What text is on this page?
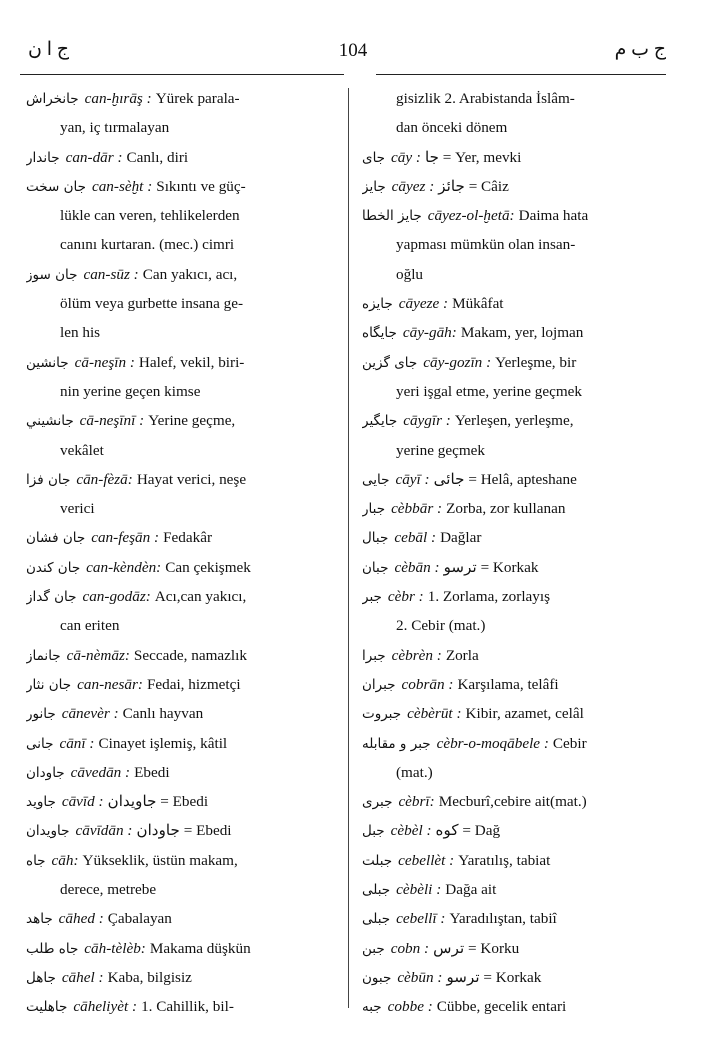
ج ا ن	104	ج ب م
جانخراش can-ḫırāş : Yürek parala-
yan, iç tırmalayan
جاندار can-dār : Canlı, diri
جان سخت can-sèḫt : Sıkıntı ve güç-
lükle can veren, tehlikelerden
canını kurtaran. (mec.) cimri
جان سوز can-sūz : Can yakıcı, acı,
ölüm veya gurbette insana ge-
len his
جانشين cā-neşīn : Halef, vekil, biri-
nin yerine geçen kimse
جانشيني cā-neşīnī : Yerine geçme,
vekâlet
جان فزا cān-fèzā: Hayat verici, neşe
verici
جان فشان can-feşān : Fedakâr
جان كندن can-kèndèn: Can çekişmek
جان گداز can-godāz: Acı,can yakıcı,
can eriten
جانماز cā-nèmāz: Seccade, namazlık
جان نثار can-nesār: Fedai, hizmetçi
جانور cānevèr : Canlı hayvan
جانى cānī : Cinayet işlemiş, kâtil
جاودان cāvedān : Ebedi
جاويد cāvīd : جاويدان = Ebedi
جاويدان cāvīdān : جاودان = Ebedi
جاه cāh: Yükseklik, üstün makam,
derece, metrebe
جاهد cāhed : Çabalayan
جاه طلب cāh-tèlèb: Makama düşkün
جاهل cāhel : Kaba, bilgisiz
جاهليت cāheliyèt : 1. Cahillik, bil-
gisizlik 2. Arabistanda İslâm-
dan önceki dönem
جاى cāy : جا = Yer, mevki
جايز cāyez : جائز = Câiz
جايز الخطا cāyez-ol-ḫetā: Daima hata
yapması mümkün olan insan-
oğlu
جايزه cāyeze : Mükâfat
جايگاه cāy-gāh: Makam, yer, lojman
جاى گزين cāy-gozīn : Yerleşme, bir
yeri işgal etme, yerine geçmek
جايگير cāygīr : Yerleşen, yerleşme,
yerine geçmek
جايى cāyī : جائى = Helâ, apteshane
جبار cèbbār : Zorba, zor kullanan
جبال cebāl : Dağlar
جبان cèbān : ترسو = Korkak
جبر cèbr : 1. Zorlama, zorlayış
2. Cebir (mat.)
جبرا cèbrèn : Zorla
جبران cobrān : Karşılama, telâfi
جبروت cèbèrūt : Kibir, azamet, celâl
جبر و مقابله cèbr-o-moqābele : Cebir
(mat.)
جبرى cèbrī: Mecburî,cebire ait(mat.)
جبل cèbèl : كوه = Dağ
جبلت cebellèt : Yaratılış, tabiat
جبلى cèbèli : Dağa ait
جبلى cebellī : Yaradılıştan, tabiî
جبن cobn : ترس = Korku
جبون cèbūn : ترسو = Korkak
جبه cobbe : Cübbe, gecelik entari
